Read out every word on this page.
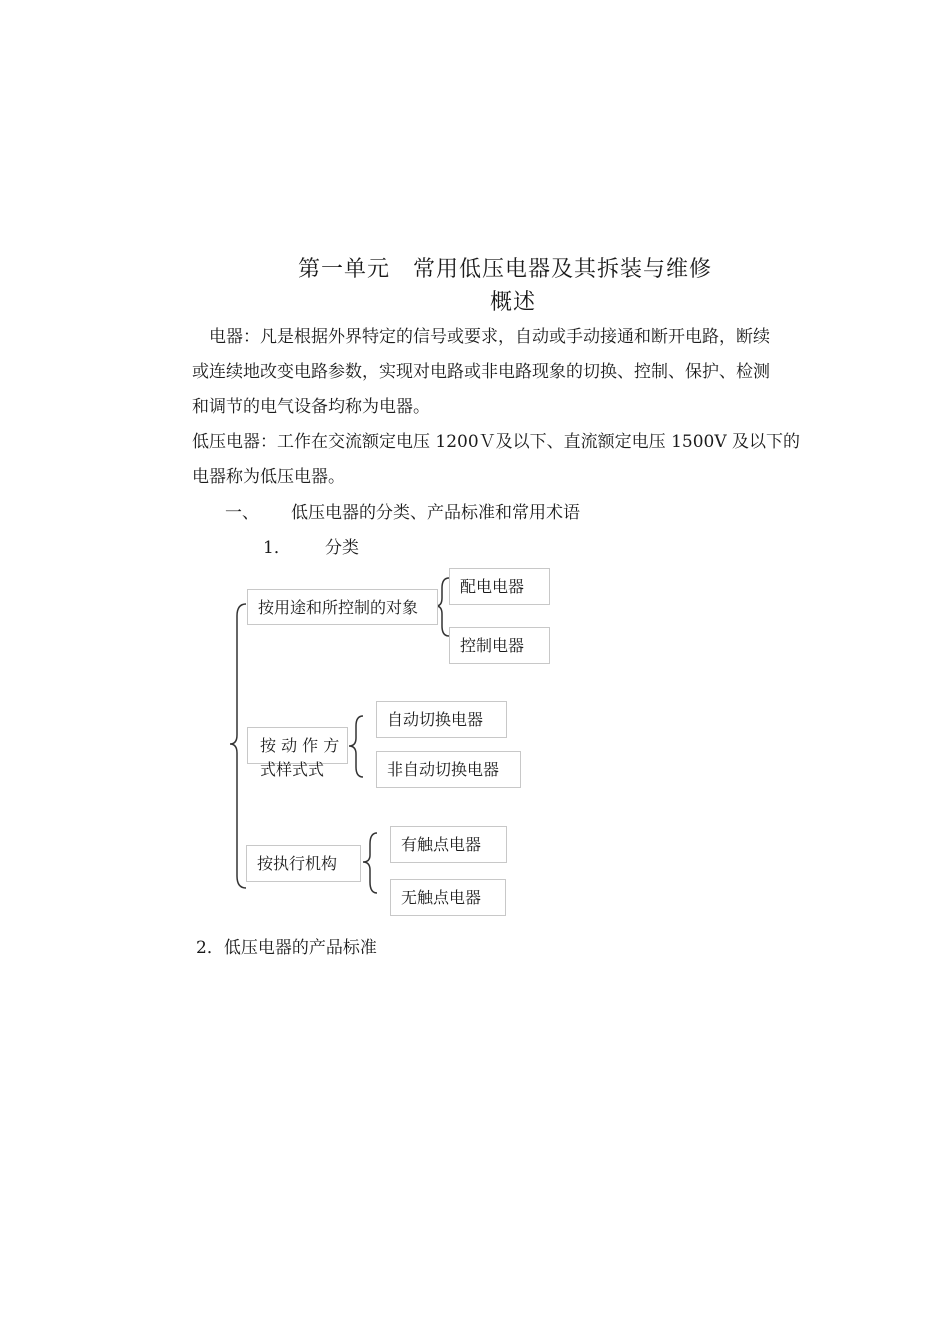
第一单元　常用低压电器及其拆装与维修
概述
　电器：凡是根据外界特定的信号或要求，自动或手动接通和断开电路，断续
或连续地改变电路参数，实现对电路或非电路现象的切换、控制、保护、检测
和调节的电气设备均称为电器。
低压电器：工作在交流额定电压 1200Ｖ及以下、直流额定电压 1500V 及以下的
电器称为低压电器。
一、 低压电器的分类、产品标准和常用术语
1． 分类
按用途和所控制的对象
配电电器
控制电器
按 动 作 方
式样式式
自动切换电器
非自动切换电器
按执行机构
有触点电器
无触点电器
2．低压电器的产品标准
